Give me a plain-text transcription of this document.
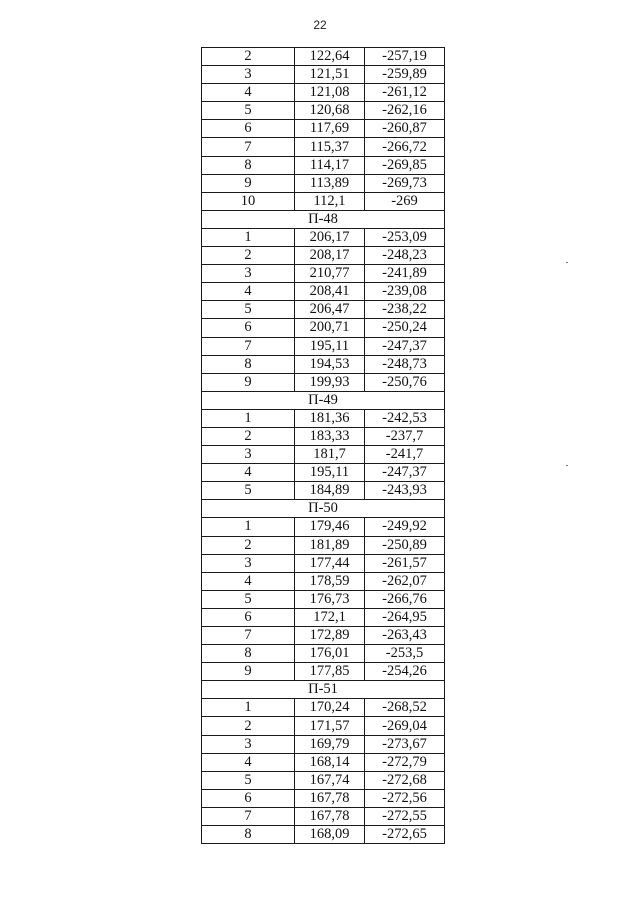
22
2	122,64	-257,19
3	121,51	-259,89
4	121,08	-261,12
5	120,68	-262,16
6	117,69	-260,87
7	115,37	-266,72
8	114,17	-269,85
9	113,89	-269,73
10	112,1	-269
П-48		
1	206,17	-253,09
2	208,17	-248,23
3	210,77	-241,89
4	208,41	-239,08
5	206,47	-238,22
6	200,71	-250,24
7	195,11	-247,37
8	194,53	-248,73
9	199,93	-250,76
П-49		
1	181,36	-242,53
2	183,33	-237,7
3	181,7	-241,7
4	195,11	-247,37
5	184,89	-243,93
П-50		
1	179,46	-249,92
2	181,89	-250,89
3	177,44	-261,57
4	178,59	-262,07
5	176,73	-266,76
6	172,1	-264,95
7	172,89	-263,43
8	176,01	-253,5
9	177,85	-254,26
П-51		
1	170,24	-268,52
2	171,57	-269,04
3	169,79	-273,67
4	168,14	-272,79
5	167,74	-272,68
6	167,78	-272,56
7	167,78	-272,55
8	168,09	-272,65
